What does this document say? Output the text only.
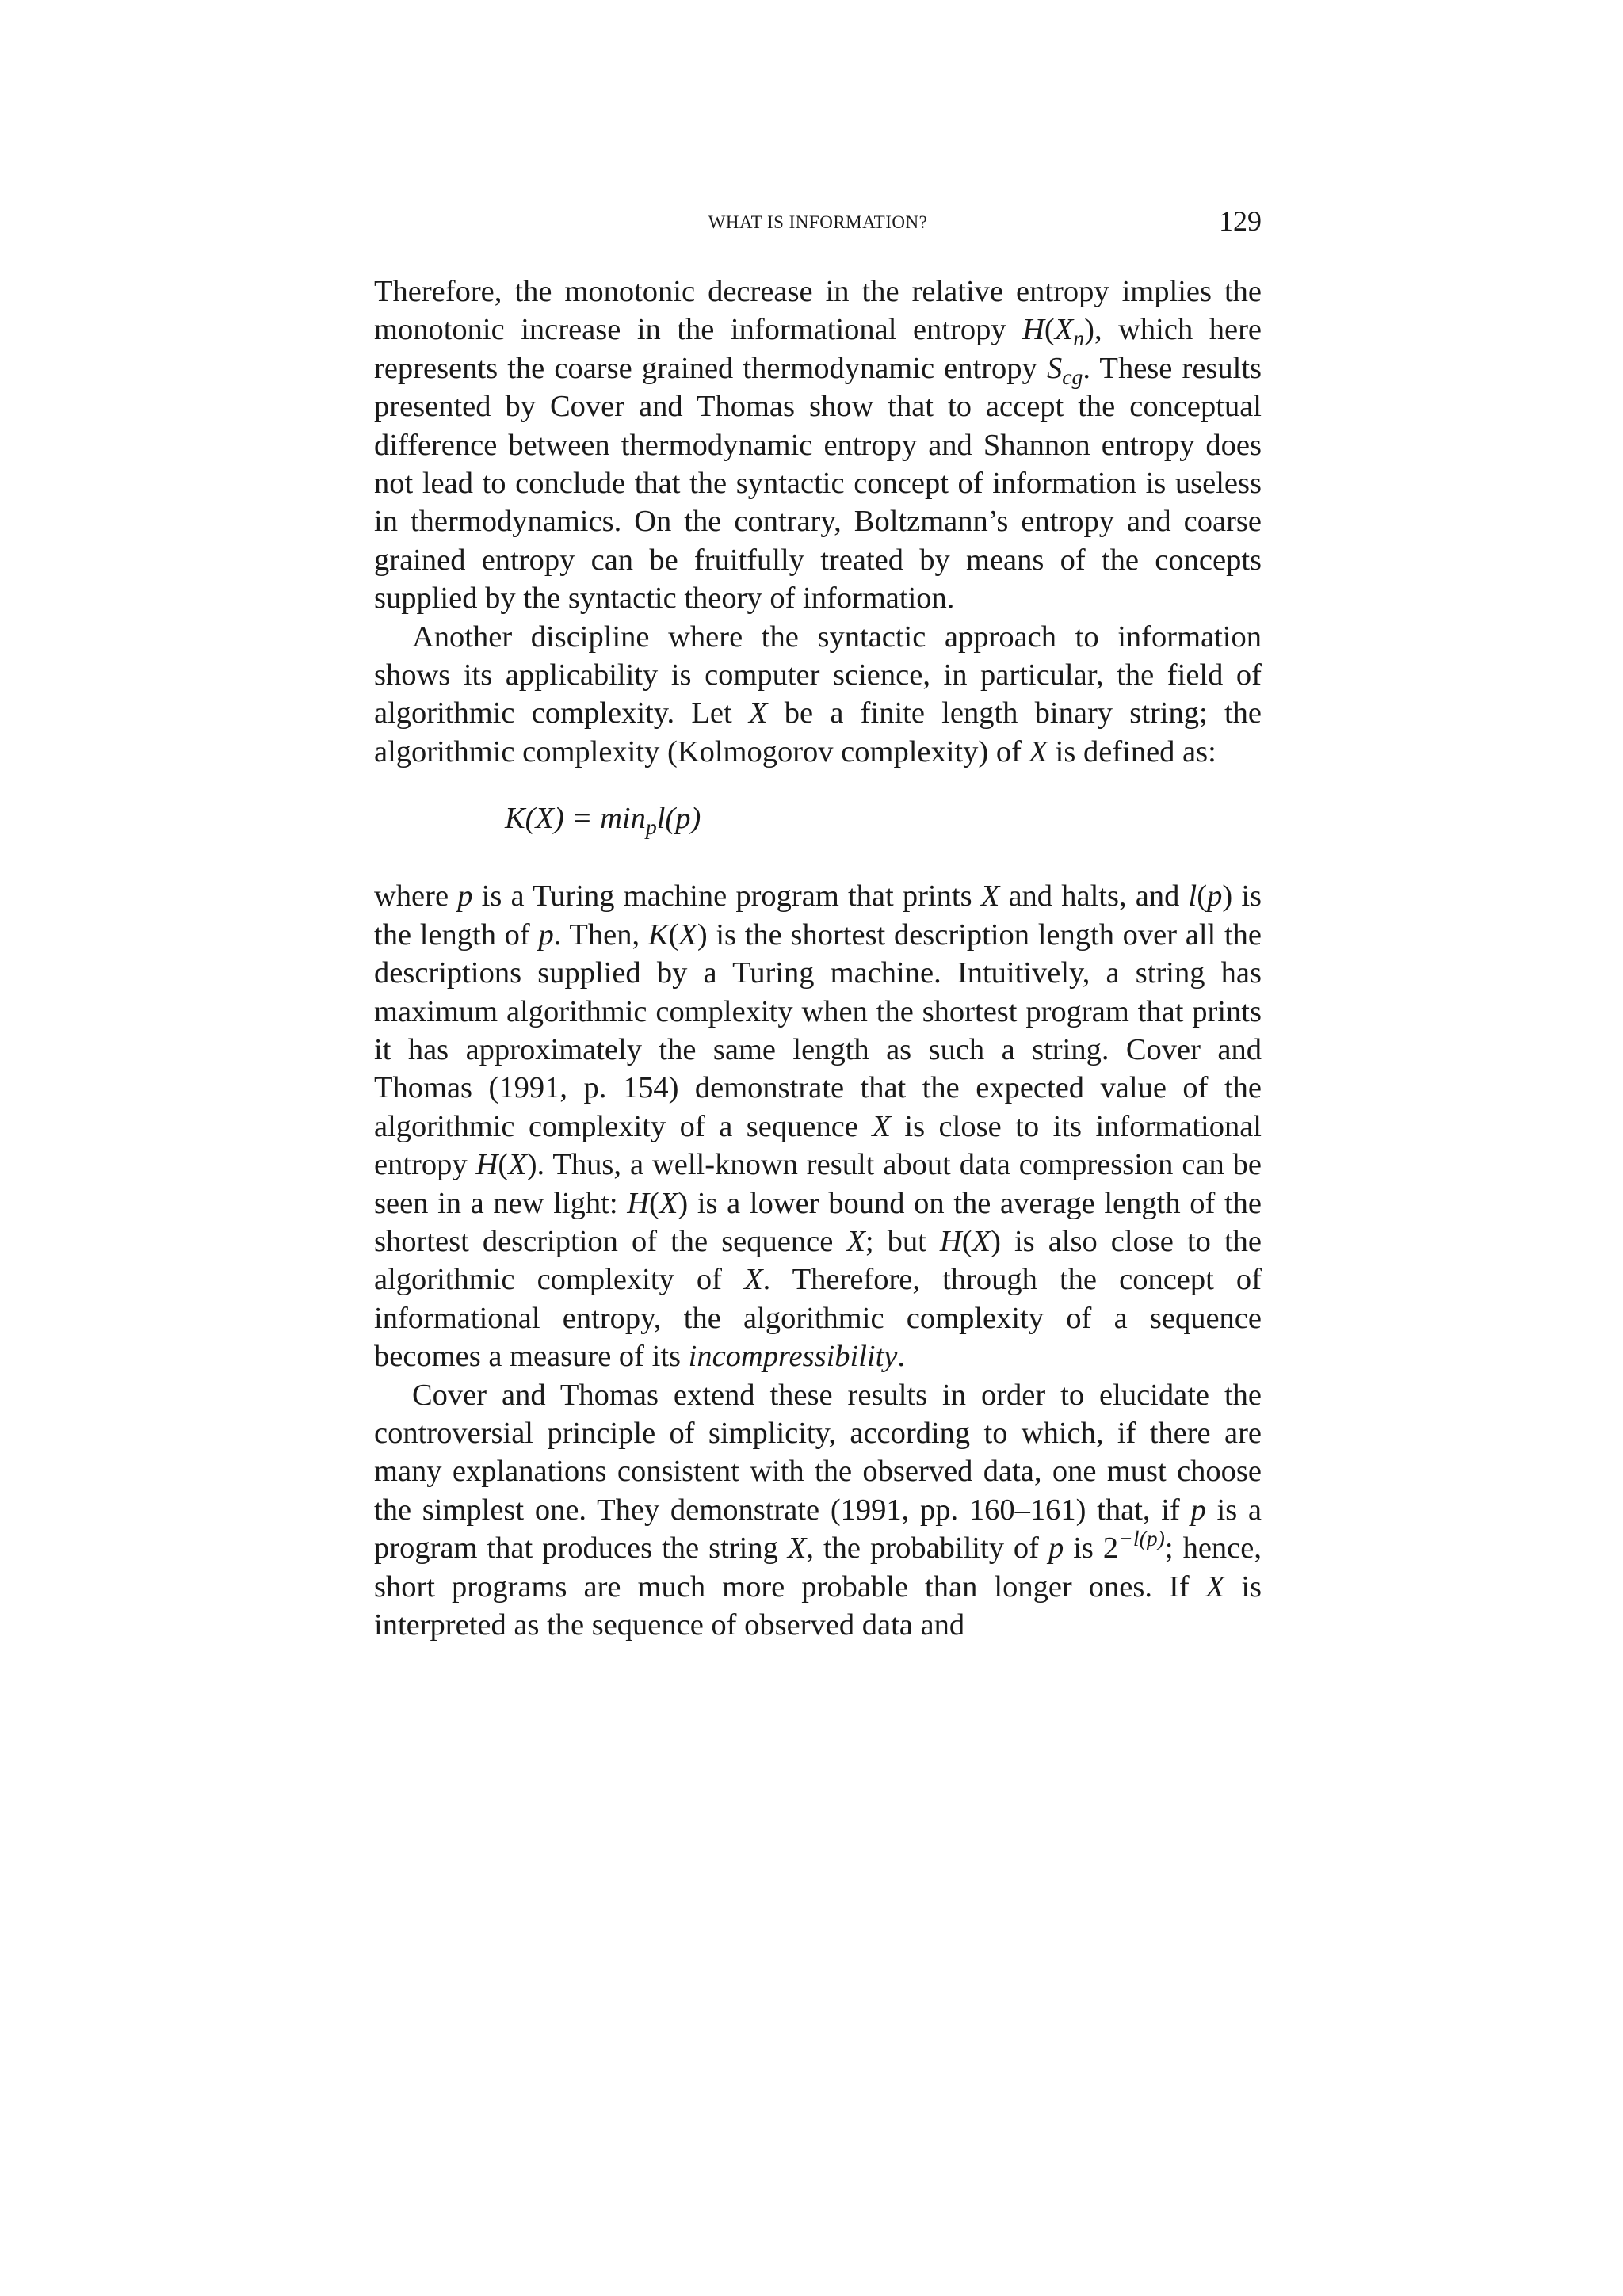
WHAT IS INFORMATION?	129

Therefore, the monotonic decrease in the relative entropy implies the monotonic increase in the informational entropy $H(X_n)$, which here represents the coarse grained thermodynamic entropy $S_{cg}$. These results presented by Cover and Thomas show that to accept the conceptual difference between thermodynamic entropy and Shannon entropy does not lead to conclude that the syntactic concept of information is useless in thermodynamics. On the contrary, Boltzmann’s entropy and coarse grained entropy can be fruitfully treated by means of the concepts supplied by the syntactic theory of information.

Another discipline where the syntactic approach to information shows its applicability is computer science, in particular, the field of algorithmic complexity. Let X be a finite length binary string; the algorithmic complexity (Kolmogorov complexity) of X is defined as:

$K(X) = \min_pl(p)$

where p is a Turing machine program that prints X and halts, and l(p) is the length of p. Then, K(X) is the shortest description length over all the descriptions supplied by a Turing machine. Intuitively, a string has maximum algorithmic complexity when the shortest program that prints it has approximately the same length as such a string. Cover and Thomas (1991, p. 154) demonstrate that the expected value of the algorithmic complexity of a sequence X is close to its informational entropy H(X). Thus, a well-known result about data compression can be seen in a new light: H(X) is a lower bound on the average length of the shortest description of the sequence X; but H(X) is also close to the algorithmic complexity of X. Therefore, through the concept of informational entropy, the algorithmic complexity of a sequence becomes a measure of its incompressibility.

Cover and Thomas extend these results in order to elucidate the controversial principle of simplicity, according to which, if there are many explanations consistent with the observed data, one must choose the simplest one. They demonstrate (1991, pp. 160–161) that, if p is a program that produces the string X, the probability of p is $2^{-l(p)}$; hence, short programs are much more probable than longer ones. If X is interpreted as the sequence of observed data and
